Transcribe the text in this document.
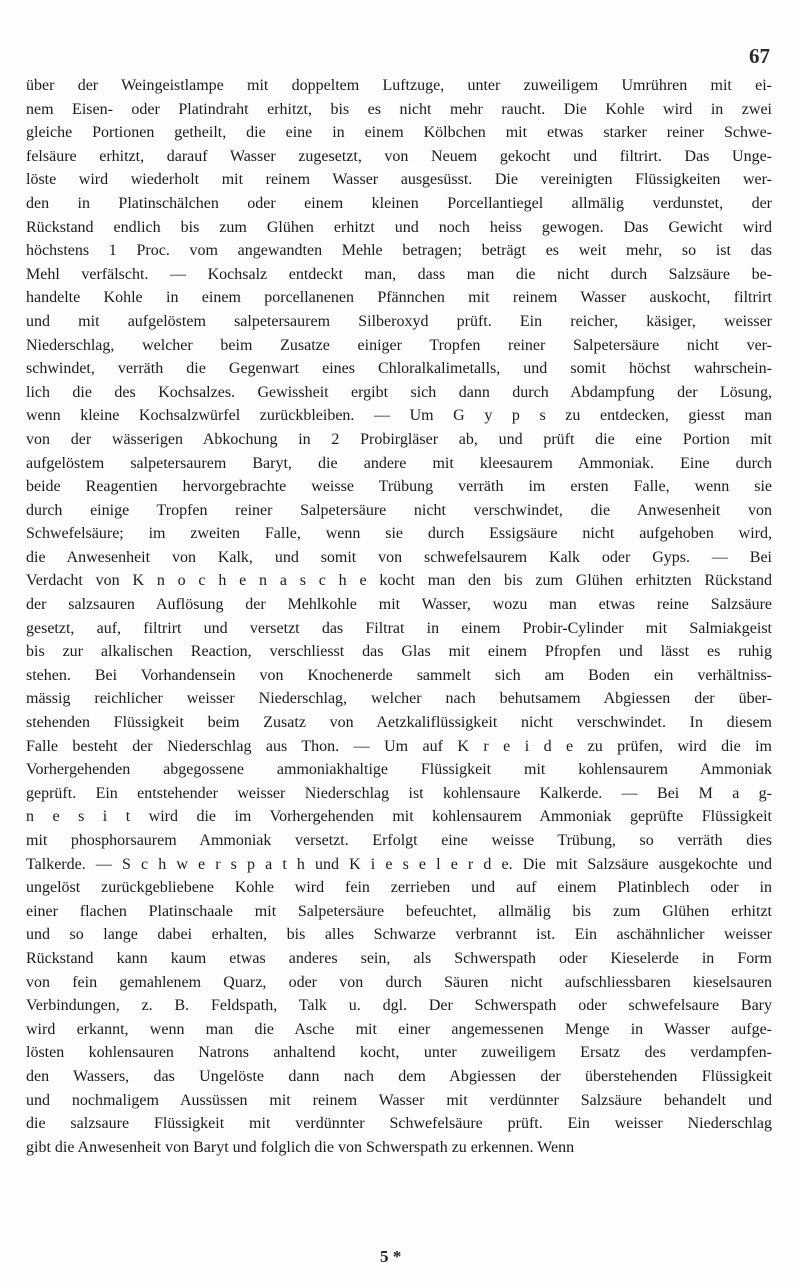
67
über der Weingeistlampe mit doppeltem Luftzuge, unter zuweiligem Umrühren mit ei-
nem Eisen- oder Platindraht erhitzt, bis es nicht mehr raucht. Die Kohle wird in zwei
gleiche Portionen getheilt, die eine in einem Kölbchen mit etwas starker reiner Schwe-
felsäure erhitzt, darauf Wasser zugesetzt, von Neuem gekocht und filtrirt. Das Unge-
löste wird wiederholt mit reinem Wasser ausgesüsst. Die vereinigten Flüssigkeiten wer-
den in Platinschälchen oder einem kleinen Porcellantiegel allmälig verdunstet, der
Rückstand endlich bis zum Glühen erhitzt und noch heiss gewogen. Das Gewicht wird
höchstens 1 Proc. vom angewandten Mehle betragen; beträgt es weit mehr, so ist das
Mehl verfälscht. — Kochsalz entdeckt man, dass man die nicht durch Salzsäure be-
handelte Kohle in einem porcellanenen Pfännchen mit reinem Wasser auskocht, filtrirt
und mit aufgelöstem salpetersaurem Silberoxyd prüft. Ein reicher, käsiger, weisser
Niederschlag, welcher beim Zusatze einiger Tropfen reiner Salpetersäure nicht ver-
schwindet, verräth die Gegenwart eines Chloralkalimetalls, und somit höchst wahrschein-
lich die des Kochsalzes. Gewissheit ergibt sich dann durch Abdampfung der Lösung,
wenn kleine Kochsalzwürfel zurückbleiben. — Um G y p s zu entdecken, giesst man
von der wässerigen Abkochung in 2 Probirgläser ab, und prüft die eine Portion mit
aufgelöstem salpetersaurem Baryt, die andere mit kleesaurem Ammoniak. Eine durch
beide Reagentien hervorgebrachte weisse Trübung verräth im ersten Falle, wenn sie
durch einige Tropfen reiner Salpetersäure nicht verschwindet, die Anwesenheit von
Schwefelsäure; im zweiten Falle, wenn sie durch Essigsäure nicht aufgehoben wird,
die Anwesenheit von Kalk, und somit von schwefelsaurem Kalk oder Gyps. — Bei
Verdacht von K n o c h e n a s c h e kocht man den bis zum Glühen erhitzten Rückstand
der salzsauren Auflösung der Mehlkohle mit Wasser, wozu man etwas reine Salzsäure
gesetzt, auf, filtrirt und versetzt das Filtrat in einem Probir-Cylinder mit Salmiakgeist
bis zur alkalischen Reaction, verschliesst das Glas mit einem Pfropfen und lässt es ruhig
stehen. Bei Vorhandensein von Knochenerde sammelt sich am Boden ein verhältniss-
mässig reichlicher weisser Niederschlag, welcher nach behutsamem Abgiessen der über-
stehenden Flüssigkeit beim Zusatz von Aetzkaliflüssigkeit nicht verschwindet. In diesem
Falle besteht der Niederschlag aus Thon. — Um auf K r e i d e zu prüfen, wird die im
Vorhergehenden abgegossene ammoniakhaltige Flüssigkeit mit kohlensaurem Ammoniak
geprüft. Ein entstehender weisser Niederschlag ist kohlensaure Kalkerde. — Bei M a g-
n e s i t wird die im Vorhergehenden mit kohlensaurem Ammoniak geprüfte Flüssigkeit
mit phosphorsaurem Ammoniak versetzt. Erfolgt eine weisse Trübung, so verräth dies
Talkerde. — S c h w e r s p a t h und K i e s e l e r d e. Die mit Salzsäure ausgekochte und
ungelöst zurückgebliebene Kohle wird fein zerrieben und auf einem Platinblech oder in
einer flachen Platinschaale mit Salpetersäure befeuchtet, allmälig bis zum Glühen erhitzt
und so lange dabei erhalten, bis alles Schwarze verbrannt ist. Ein aschähnlicher weisser
Rückstand kann kaum etwas anderes sein, als Schwerspath oder Kieselerde in Form
von fein gemahlenem Quarz, oder von durch Säuren nicht aufschliessbaren kieselsauren
Verbindungen, z. B. Feldspath, Talk u. dgl. Der Schwerspath oder schwefelsaure Bary
wird erkannt, wenn man die Asche mit einer angemessenen Menge in Wasser aufge-
lösten kohlensauren Natrons anhaltend kocht, unter zuweiligem Ersatz des verdampfen-
den Wassers, das Ungelöste dann nach dem Abgiessen der überstehenden Flüssigkeit
und nochmaligem Aussüssen mit reinem Wasser mit verdünnter Salzsäure behandelt und
die salzsaure Flüssigkeit mit verdünnter Schwefelsäure prüft. Ein weisser Niederschlag
gibt die Anwesenheit von Baryt und folglich die von Schwerspath zu erkennen. Wenn
5 *
